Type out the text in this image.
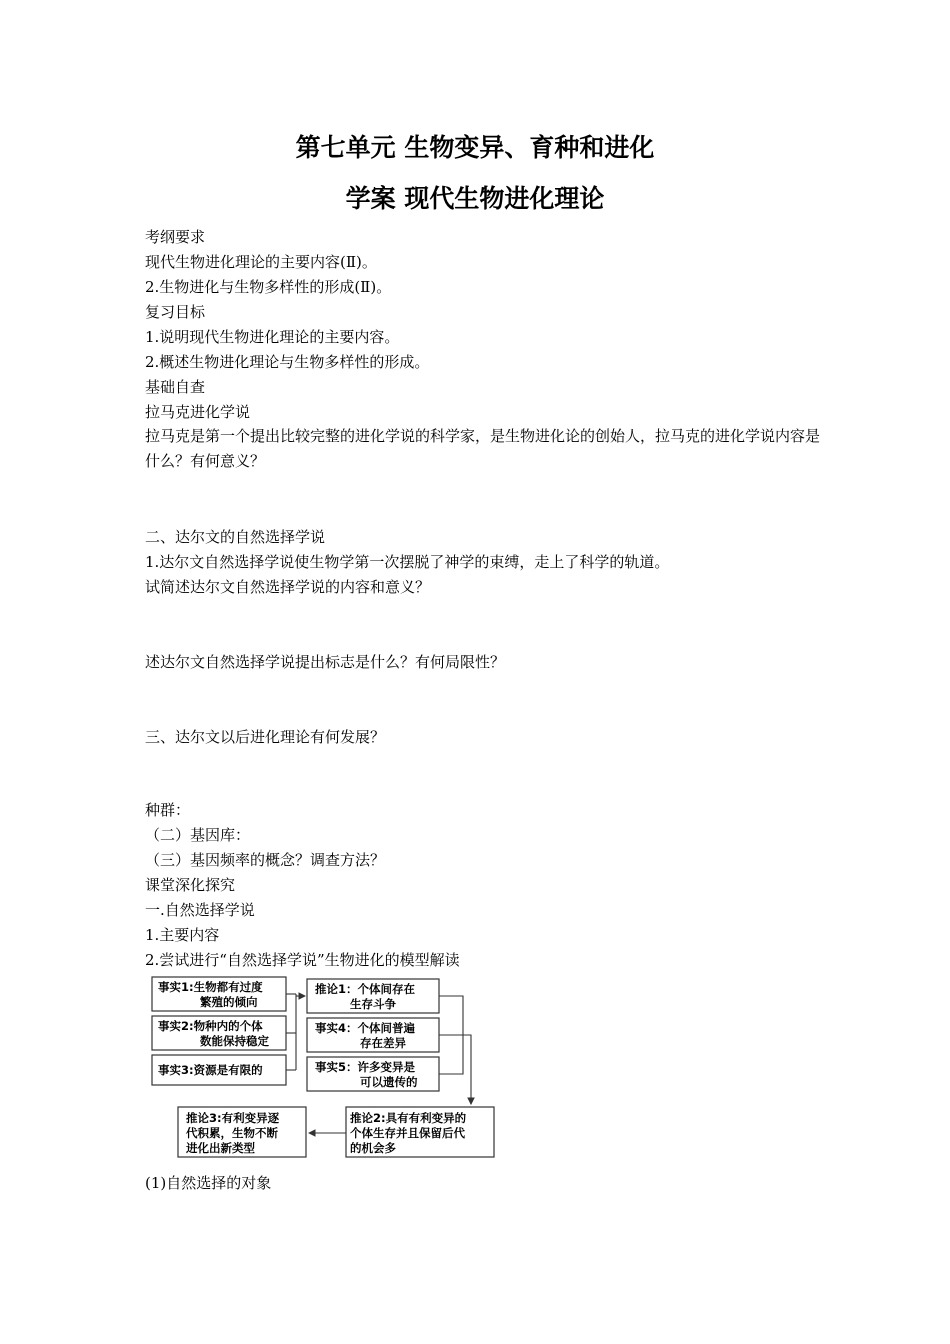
第七单元 生物变异、育种和进化
学案 现代生物进化理论
考纲要求
现代生物进化理论的主要内容(Ⅱ)。
2.生物进化与生物多样性的形成(Ⅱ)。
复习目标
1.说明现代生物进化理论的主要内容。
2.概述生物进化理论与生物多样性的形成。
基础自查
拉马克进化学说

拉马克是第一个提出比较完整的进化学说的科学家，是生物进化论的创始人，拉马克的进化学说内容是什么？有何意义？

二、达尔文的自然选择学说
1.达尔文自然选择学说使生物学第一次摆脱了神学的束缚，走上了科学的轨道。
试简述达尔文自然选择学说的内容和意义？
述达尔文自然选择学说提出标志是什么？有何局限性？
三、达尔文以后进化理论有何发展？
种群：
（二）基因库：
（三）基因频率的概念？调查方法？
课堂深化探究
一.自然选择学说
1.主要内容
2.尝试进行“自然选择学说”生物进化的模型解读
事实1:生物都有过度
繁殖的倾向
事实2:物种内的个体
数能保持稳定
事实3:资源是有限的
推论1：个体间存在
生存斗争
事实4：个体间普遍
存在差异
事实5：许多变异是
可以遗传的
推论2:具有有利变异的
个体生存并且保留后代
的机会多
推论3:有利变异逐
代积累，生物不断
进化出新类型
(1)自然选择的对象
